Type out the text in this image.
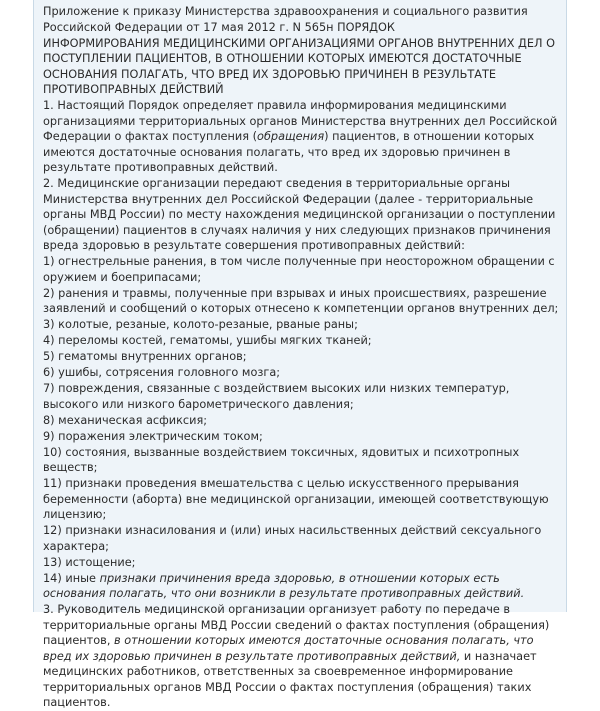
Приложение к приказу Министерства здравоохранения и социального развития Российской Федерации от 17 мая 2012 г. N 565н ПОРЯДОК

ИНФОРМИРОВАНИЯ МЕДИЦИНСКИМИ ОРГАНИЗАЦИЯМИ ОРГАНОВ ВНУТРЕННИХ ДЕЛ О ПОСТУПЛЕНИИ ПАЦИЕНТОВ, В ОТНОШЕНИИ КОТОРЫХ ИМЕЮТСЯ ДОСТАТОЧНЫЕ ОСНОВАНИЯ ПОЛАГАТЬ, ЧТО ВРЕД ИХ ЗДОРОВЬЮ ПРИЧИНЕН В РЕЗУЛЬТАТЕ ПРОТИВОПРАВНЫХ ДЕЙСТВИЙ

1. Настоящий Порядок определяет правила информирования медицинскими организациями территориальных органов Министерства внутренних дел Российской Федерации о фактах поступления (обращения) пациентов, в отношении которых имеются достаточные основания полагать, что вред их здоровью причинен в результате противоправных действий.

2. Медицинские организации передают сведения в территориальные органы Министерства внутренних дел Российской Федерации (далее - территориальные органы МВД России) по месту нахождения медицинской организации о поступлении (обращении) пациентов в случаях наличия у них следующих признаков причинения вреда здоровью в результате совершения противоправных действий:

1) огнестрельные ранения, в том числе полученные при неосторожном обращении с оружием и боеприпасами;

2) ранения и травмы, полученные при взрывах и иных происшествиях, разрешение заявлений и сообщений о которых отнесено к компетенции органов внутренних дел;

3) колотые, резаные, колото-резаные, рваные раны;

4) переломы костей, гематомы, ушибы мягких тканей;

5) гематомы внутренних органов;

6) ушибы, сотрясения головного мозга;

7) повреждения, связанные с воздействием высоких или низких температур, высокого или низкого барометрического давления;

8) механическая асфиксия;

9) поражения электрическим током;

10) состояния, вызванные воздействием токсичных, ядовитых и психотропных веществ;

11) признаки проведения вмешательства с целью искусственного прерывания беременности (аборта) вне медицинской организации, имеющей соответствующую лицензию;

12) признаки изнасилования и (или) иных насильственных действий сексуального характера;

13) истощение;

14) иные признаки причинения вреда здоровью, в отношении которых есть основания полагать, что они возникли в результате противоправных действий.

3. Руководитель медицинской организации организует работу по передаче в территориальные органы МВД России сведений о фактах поступления (обращения) пациентов, в отношении которых имеются достаточные основания полагать, что вред их здоровью причинен в результате противоправных действий, и назначает медицинских работников, ответственных за своевременное информирование территориальных органов МВД России о фактах поступления (обращения) таких пациентов.
